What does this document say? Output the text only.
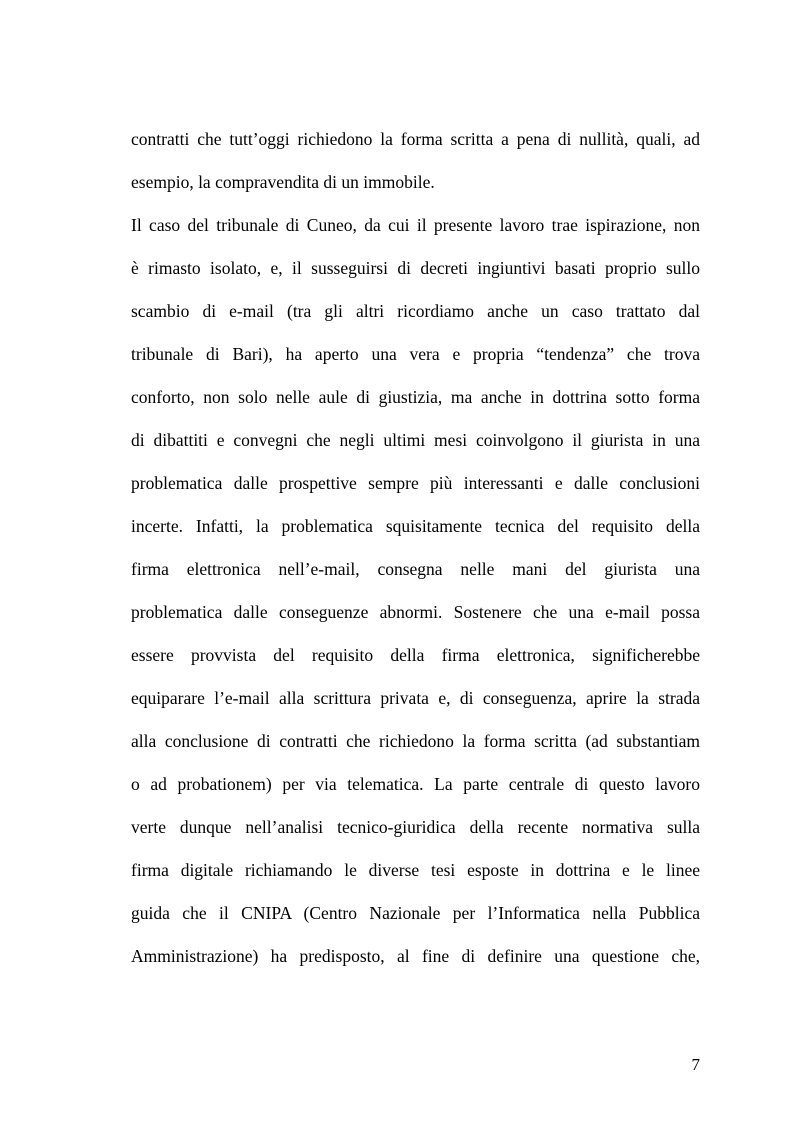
contratti che tutt’oggi richiedono la forma scritta a pena di nullità, quali, ad
esempio, la compravendita di un immobile.
Il caso del tribunale di Cuneo, da cui il presente lavoro trae ispirazione, non
è rimasto isolato, e, il susseguirsi di decreti ingiuntivi basati proprio sullo
scambio di e-mail (tra gli altri ricordiamo anche un caso trattato dal
tribunale di Bari), ha aperto una vera e propria “tendenza” che trova
conforto, non solo nelle aule di giustizia, ma anche in dottrina sotto forma
di dibattiti e convegni che negli ultimi mesi coinvolgono il giurista in una
problematica dalle prospettive sempre più interessanti e dalle conclusioni
incerte. Infatti, la problematica squisitamente tecnica del requisito della
firma elettronica nell’e-mail, consegna nelle mani del giurista una
problematica dalle conseguenze abnormi. Sostenere che una e-mail possa
essere provvista del requisito della firma elettronica, significherebbe
equiparare l’e-mail alla scrittura privata e, di conseguenza, aprire la strada
alla conclusione di contratti che richiedono la forma scritta (ad substantiam
o ad probationem) per via telematica. La parte centrale di questo lavoro
verte dunque nell’analisi tecnico-giuridica della recente normativa sulla
firma digitale richiamando le diverse tesi esposte in dottrina e le linee
guida che il CNIPA (Centro Nazionale per l’Informatica nella Pubblica
Amministrazione) ha predisposto, al fine di definire una questione che,
7
